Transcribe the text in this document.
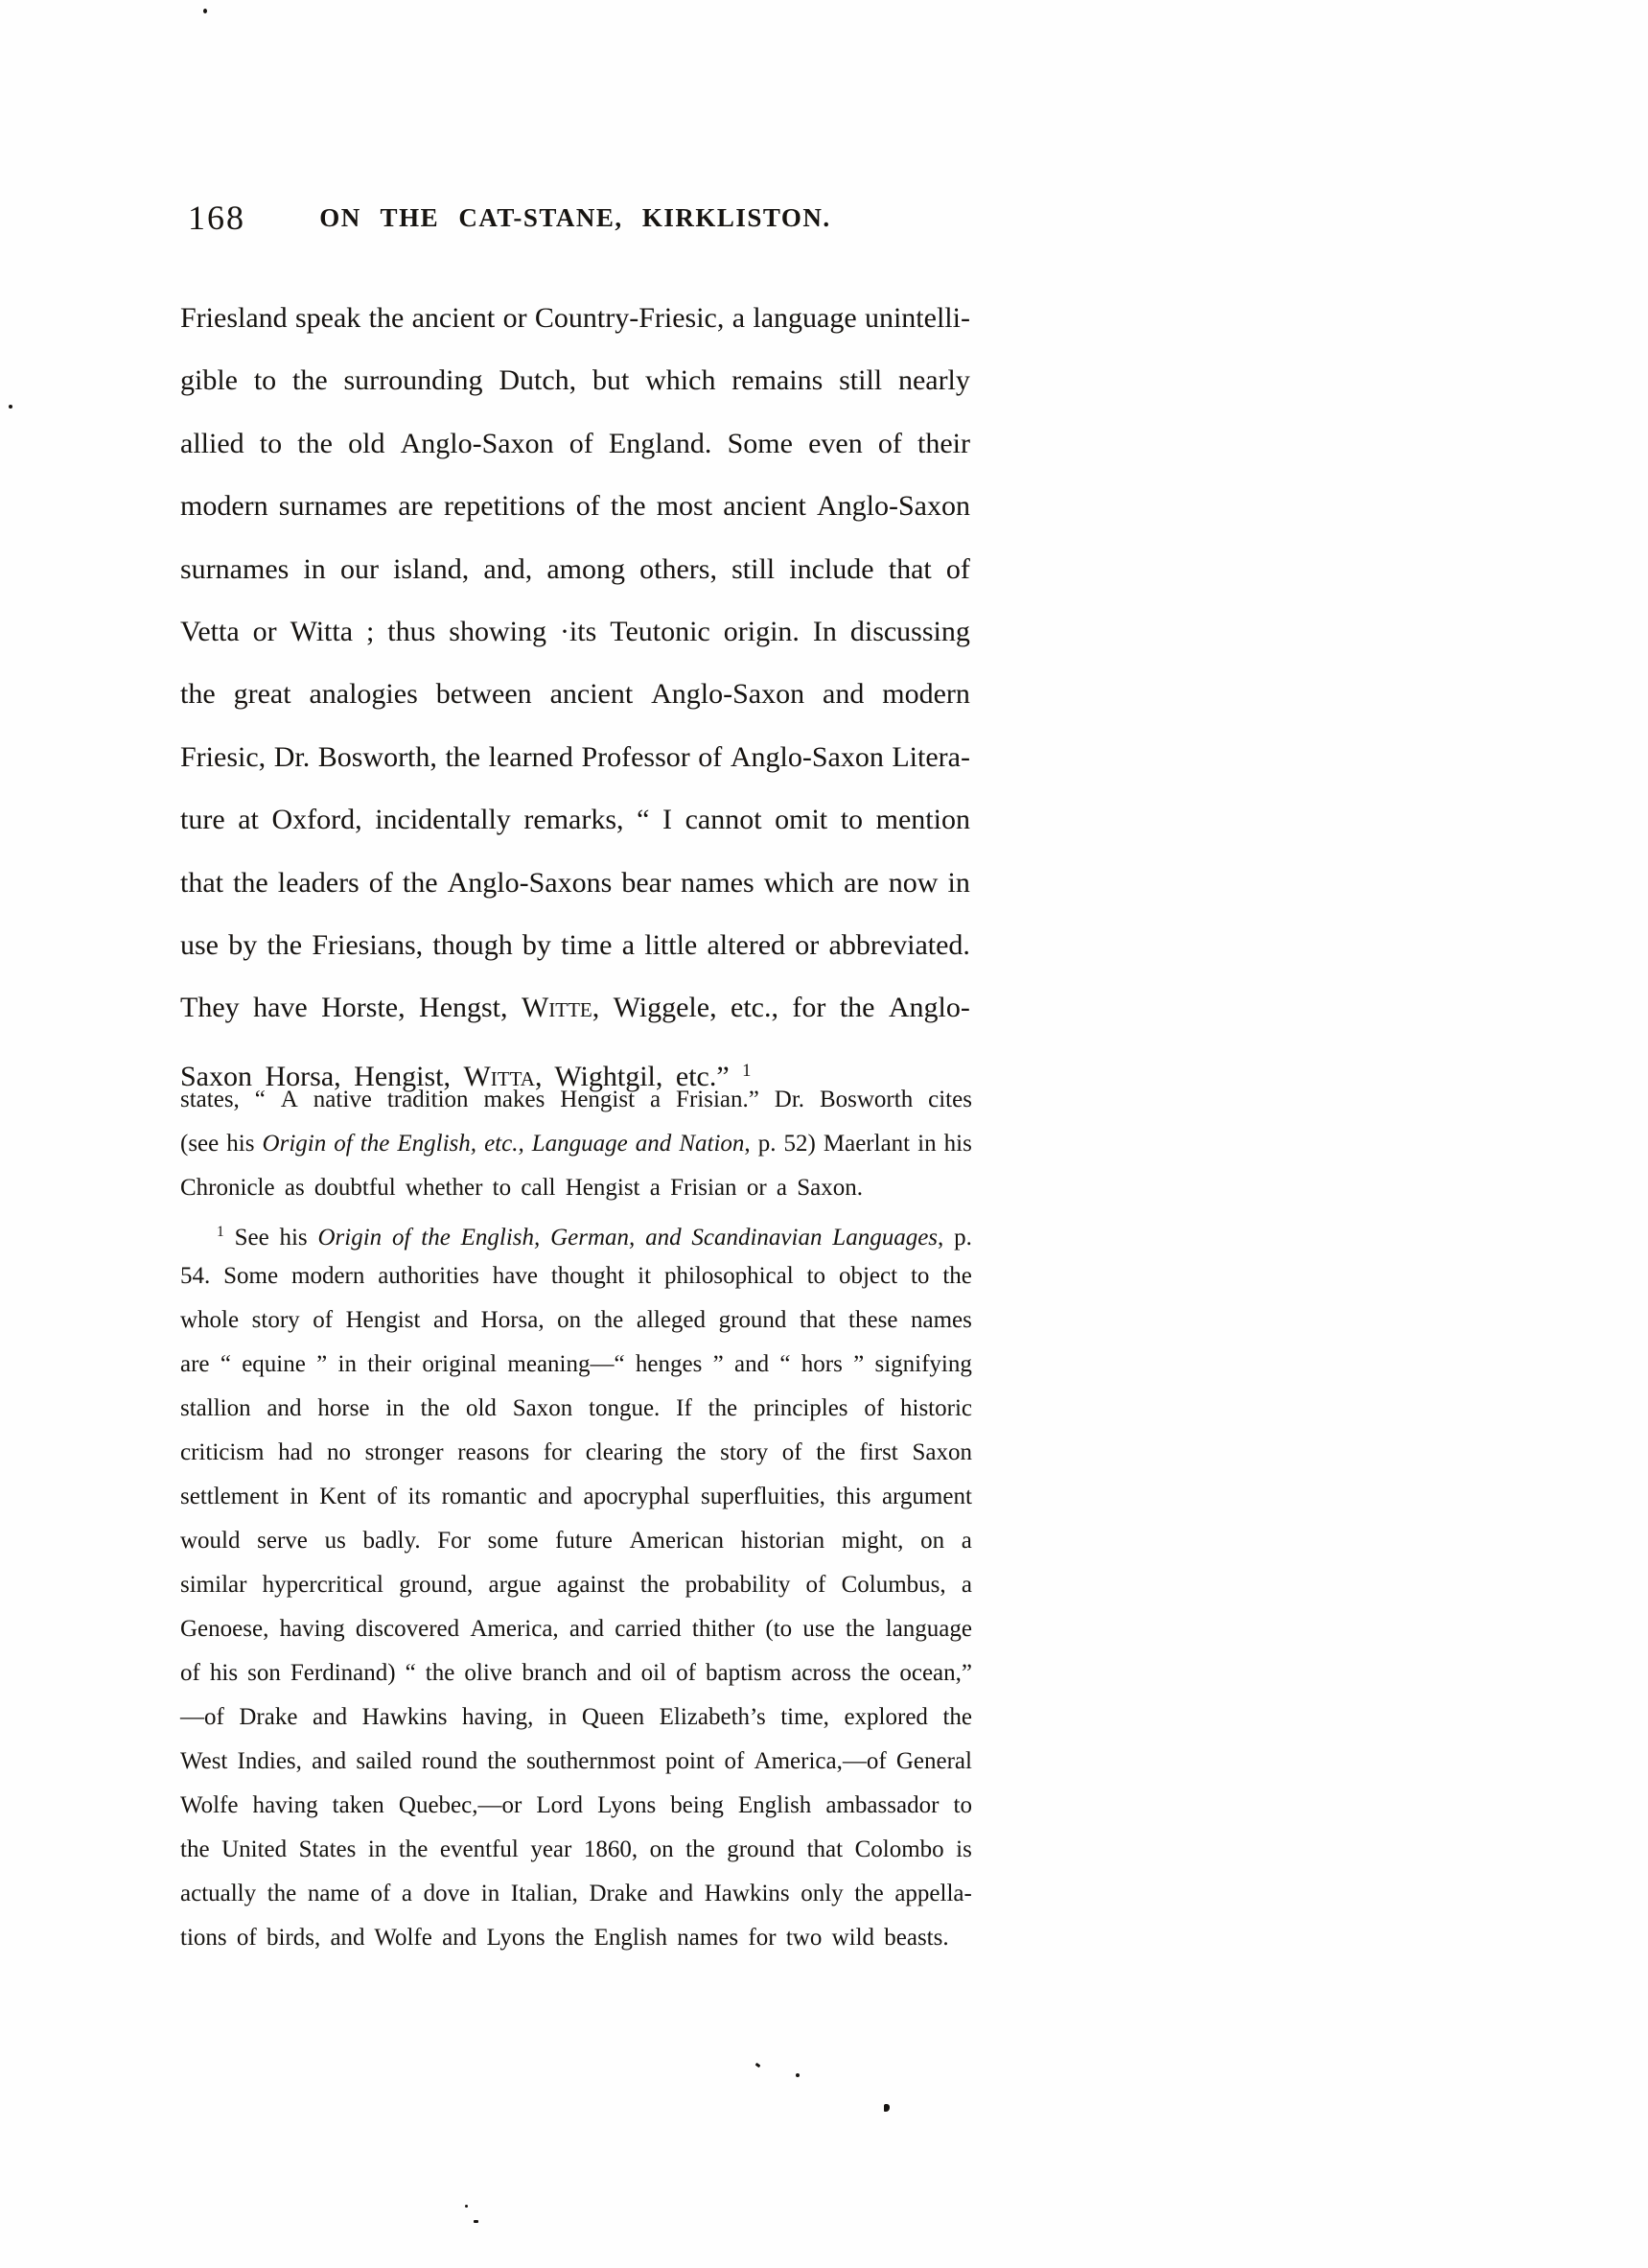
168	ON THE CAT-STANE, KIRKLISTON.
Friesland speak the ancient or Country-Friesic, a language unintelli-
gible to the surrounding Dutch, but which remains still nearly
allied to the old Anglo-Saxon of England. Some even of their
modern surnames are repetitions of the most ancient Anglo-Saxon
surnames in our island, and, among others, still include that of
Vetta or Witta ; thus showing ·its Teutonic origin. In discussing
the great analogies between ancient Anglo-Saxon and modern
Friesic, Dr. Bosworth, the learned Professor of Anglo-Saxon Litera-
ture at Oxford, incidentally remarks, “ I cannot omit to mention
that the leaders of the Anglo-Saxons bear names which are now in
use by the Friesians, though by time a little altered or abbreviated.
They have Horste, Hengst, Witte, Wiggele, etc., for the Anglo-
Saxon Horsa, Hengist, Witta, Wightgil, etc.” $^1$
states, “ A native tradition makes Hengist a Frisian.” Dr. Bosworth cites
(see his Origin of the English, etc., Language and Nation, p. 52) Maerlant in his
Chronicle as doubtful whether to call Hengist a Frisian or a Saxon.
$^1$ See his Origin of the English, German, and Scandinavian Languages, p.
54. Some modern authorities have thought it philosophical to object to the
whole story of Hengist and Horsa, on the alleged ground that these names
are “ equine ” in their original meaning—“ henges ” and “ hors ” signifying
stallion and horse in the old Saxon tongue. If the principles of historic
criticism had no stronger reasons for clearing the story of the first Saxon
settlement in Kent of its romantic and apocryphal superfluities, this argument
would serve us badly. For some future American historian might, on a
similar hypercritical ground, argue against the probability of Columbus, a
Genoese, having discovered America, and carried thither (to use the language
of his son Ferdinand) “ the olive branch and oil of baptism across the ocean,”
—of Drake and Hawkins having, in Queen Elizabeth’s time, explored the
West Indies, and sailed round the southernmost point of America,—of General
Wolfe having taken Quebec,—or Lord Lyons being English ambassador to
the United States in the eventful year 1860, on the ground that Colombo is
actually the name of a dove in Italian, Drake and Hawkins only the appella-
tions of birds, and Wolfe and Lyons the English names for two wild beasts.
